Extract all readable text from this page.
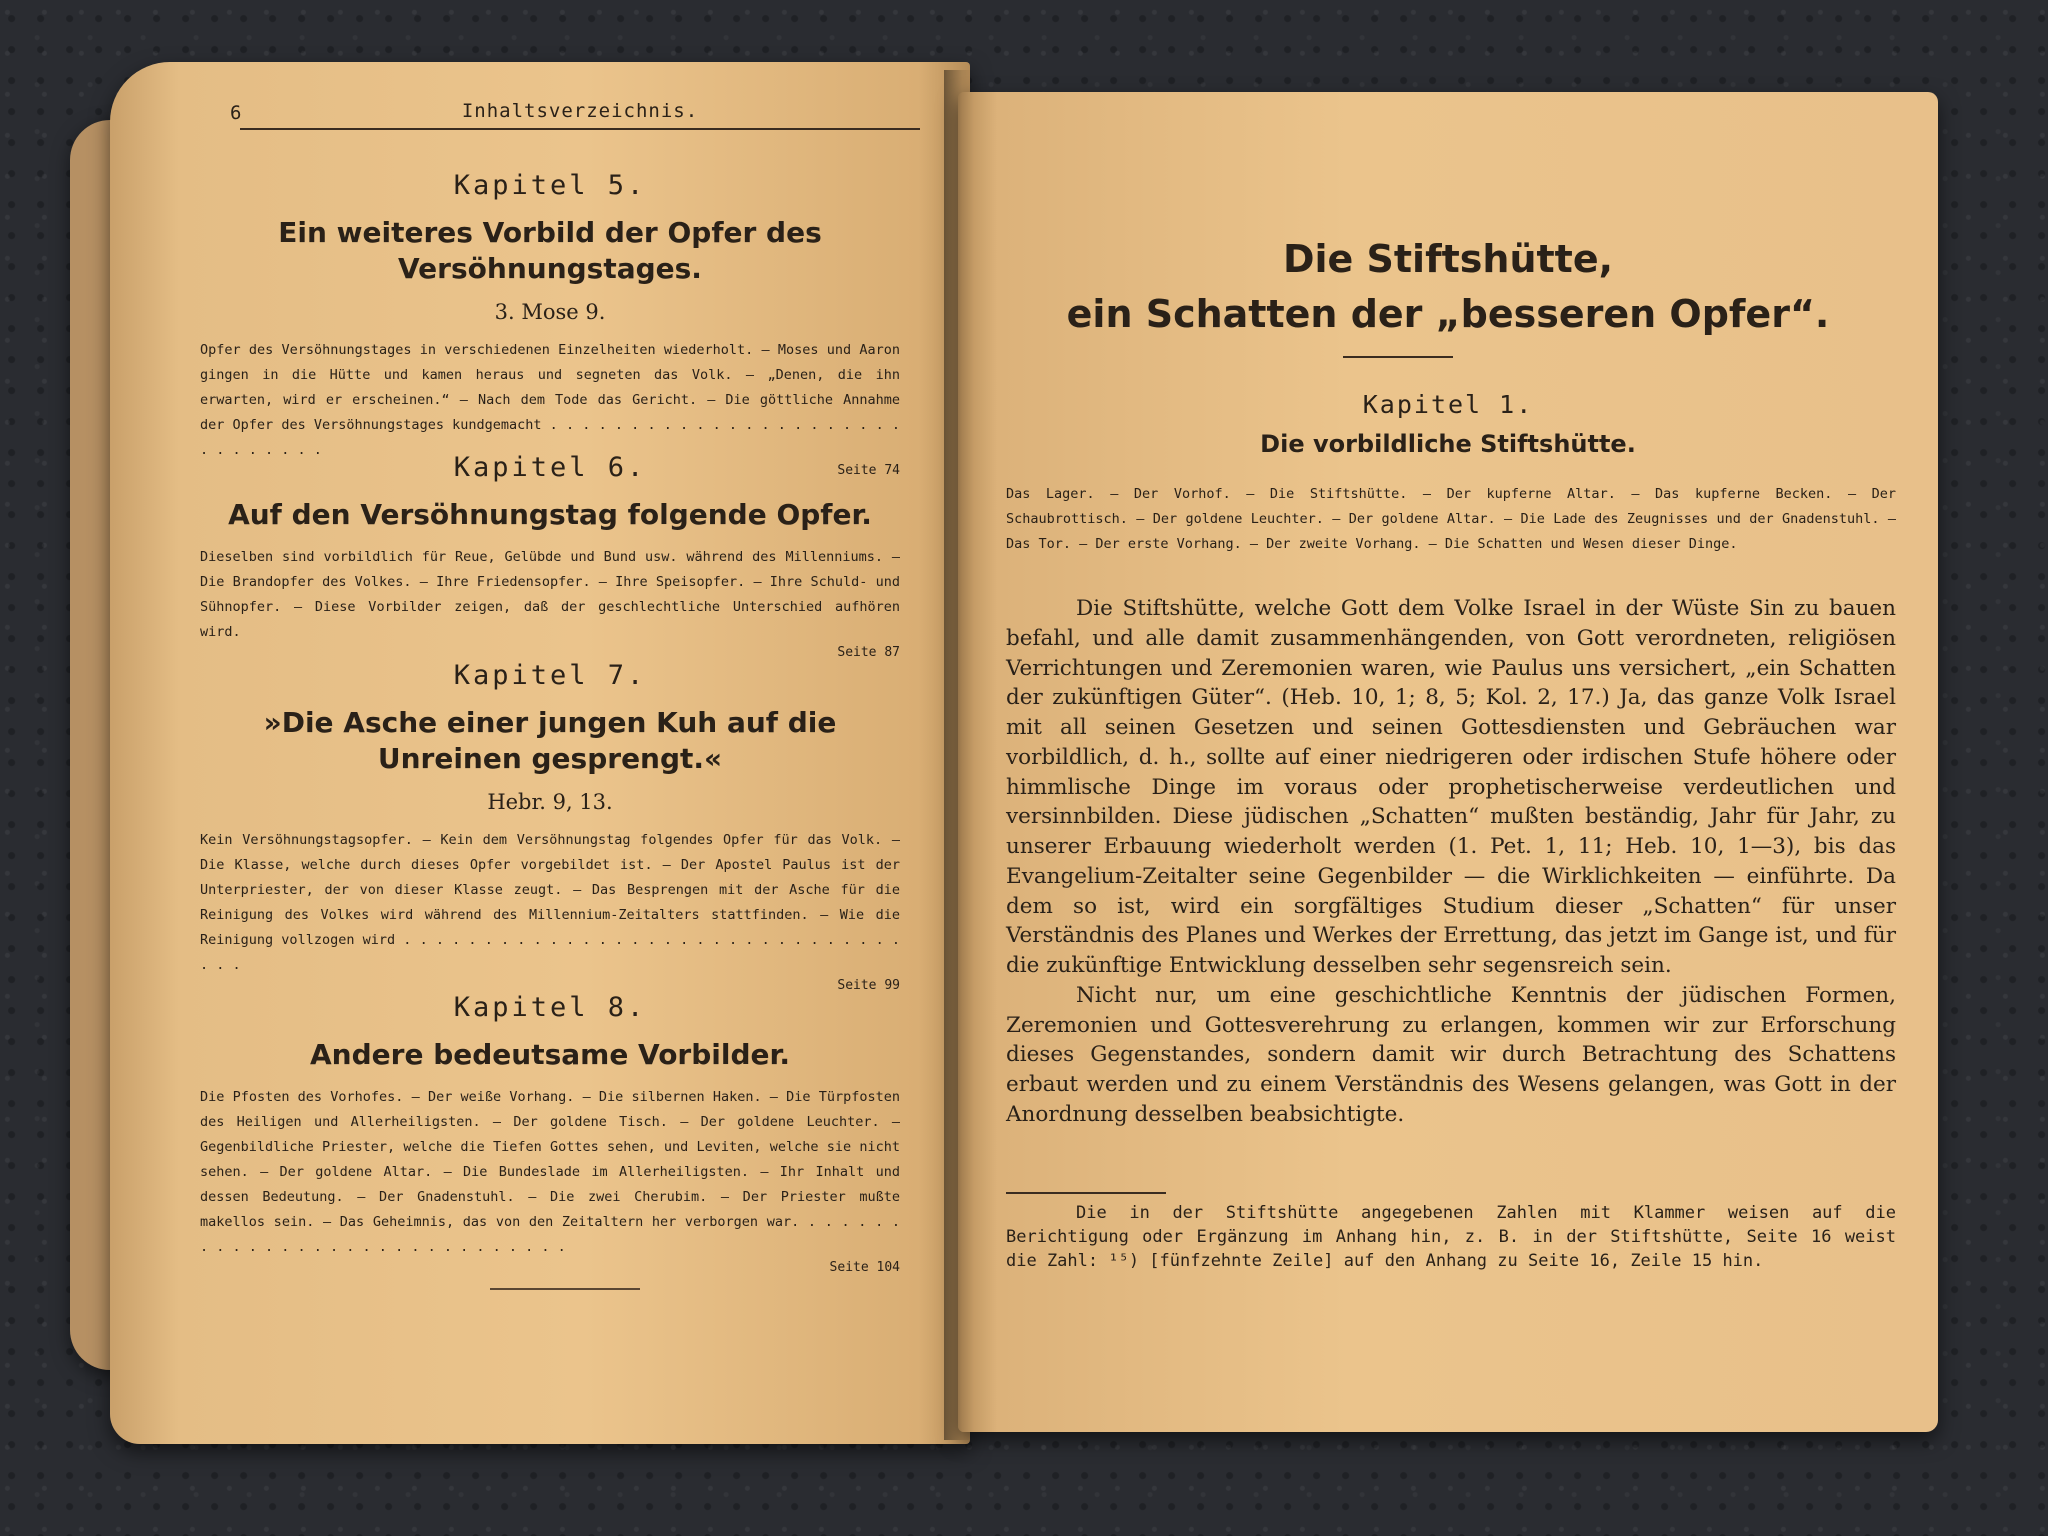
6	Inhaltsverzeichnis.
Kapitel 5.
Ein weiteres Vorbild der Opfer des Versöhnungstages.
3. Mose 9.
Opfer des Versöhnungstages in verschiedenen Einzelheiten wiederholt. — Moses und Aaron gingen in die Hütte und kamen heraus und segneten das Volk. — „Denen, die ihn erwarten, wird er erscheinen.“ — Nach dem Tode das Gericht. — Die göttliche Annahme der Opfer des Versöhnungstages kundgemacht . . . . . . . . . . . . . . . . . . . . . . . . . . . . . .
Seite 74
Kapitel 6.
Auf den Versöhnungstag folgende Opfer.
Dieselben sind vorbildlich für Reue, Gelübde und Bund usw. während des Millenniums. — Die Brandopfer des Volkes. — Ihre Friedensopfer. — Ihre Speisopfer. — Ihre Schuld- und Sühnopfer. — Diese Vorbilder zeigen, daß der geschlechtliche Unterschied aufhören wird.
Seite 87
Kapitel 7.
»Die Asche einer jungen Kuh auf die Unreinen gesprengt.«
Hebr. 9, 13.
Kein Versöhnungstagsopfer. — Kein dem Versöhnungstag folgendes Opfer für das Volk. — Die Klasse, welche durch dieses Opfer vorgebildet ist. — Der Apostel Paulus ist der Unterpriester, der von dieser Klasse zeugt. — Das Besprengen mit der Asche für die Reinigung des Volkes wird während des Millennium-Zeitalters stattfinden. — Wie die Reinigung vollzogen wird . . . . . . . . . . . . . . . . . . . . . . . . . . . . . . . . . .
Seite 99
Kapitel 8.
Andere bedeutsame Vorbilder.
Die Pfosten des Vorhofes. — Der weiße Vorhang. — Die silbernen Haken. — Die Türpfosten des Heiligen und Allerheiligsten. — Der goldene Tisch. — Der goldene Leuchter. — Gegenbildliche Priester, welche die Tiefen Gottes sehen, und Leviten, welche sie nicht sehen. — Der goldene Altar. — Die Bundeslade im Allerheiligsten. — Ihr Inhalt und dessen Bedeutung. — Der Gnadenstuhl. — Die zwei Cherubim. — Der Priester mußte makellos sein. — Das Geheimnis, das von den Zeitaltern her verborgen war. . . . . . . . . . . . . . . . . . . . . . . . . . . . . .
Seite 104
Die Stiftshütte,
ein Schatten der „besseren Opfer“.
Kapitel 1.
Die vorbildliche Stiftshütte.
Das Lager. — Der Vorhof. — Die Stiftshütte. — Der kupferne Altar. — Das kupferne Becken. — Der Schaubrottisch. — Der goldene Leuchter. — Der goldene Altar. — Die Lade des Zeugnisses und der Gnadenstuhl. — Das Tor. — Der erste Vorhang. — Der zweite Vorhang. — Die Schatten und Wesen dieser Dinge.

Die Stiftshütte, welche Gott dem Volke Israel in der Wüste Sin zu bauen befahl, und alle damit zusammenhängenden, von Gott verordneten, religiösen Verrichtungen und Zeremonien waren, wie Paulus uns versichert, „ein Schatten der zukünftigen Güter“. (Heb. 10, 1; 8, 5; Kol. 2, 17.) Ja, das ganze Volk Israel mit all seinen Gesetzen und seinen Gottesdiensten und Gebräuchen war vorbildlich, d. h., sollte auf einer niedrigeren oder irdischen Stufe höhere oder himmlische Dinge im voraus oder prophetischerweise verdeutlichen und versinnbilden. Diese jüdischen „Schatten“ mußten beständig, Jahr für Jahr, zu unserer Erbauung wiederholt werden (1. Pet. 1, 11; Heb. 10, 1—3), bis das Evangelium-Zeitalter seine Gegenbilder — die Wirklichkeiten — einführte. Da dem so ist, wird ein sorgfältiges Studium dieser „Schatten“ für unser Verständnis des Planes und Werkes der Errettung, das jetzt im Gange ist, und für die zukünftige Entwicklung desselben sehr segensreich sein.

Nicht nur, um eine geschichtliche Kenntnis der jüdischen Formen, Zeremonien und Gottesverehrung zu erlangen, kommen wir zur Erforschung dieses Gegenstandes, sondern damit wir durch Betrachtung des Schattens erbaut werden und zu einem Verständnis des Wesens gelangen, was Gott in der Anordnung desselben beabsichtigte.

Die in der Stiftshütte angegebenen Zahlen mit Klammer weisen auf die Berichtigung oder Ergänzung im Anhang hin, z. B. in der Stiftshütte, Seite 16 weist die Zahl: ¹⁵) [fünfzehnte Zeile] auf den Anhang zu Seite 16, Zeile 15 hin.
